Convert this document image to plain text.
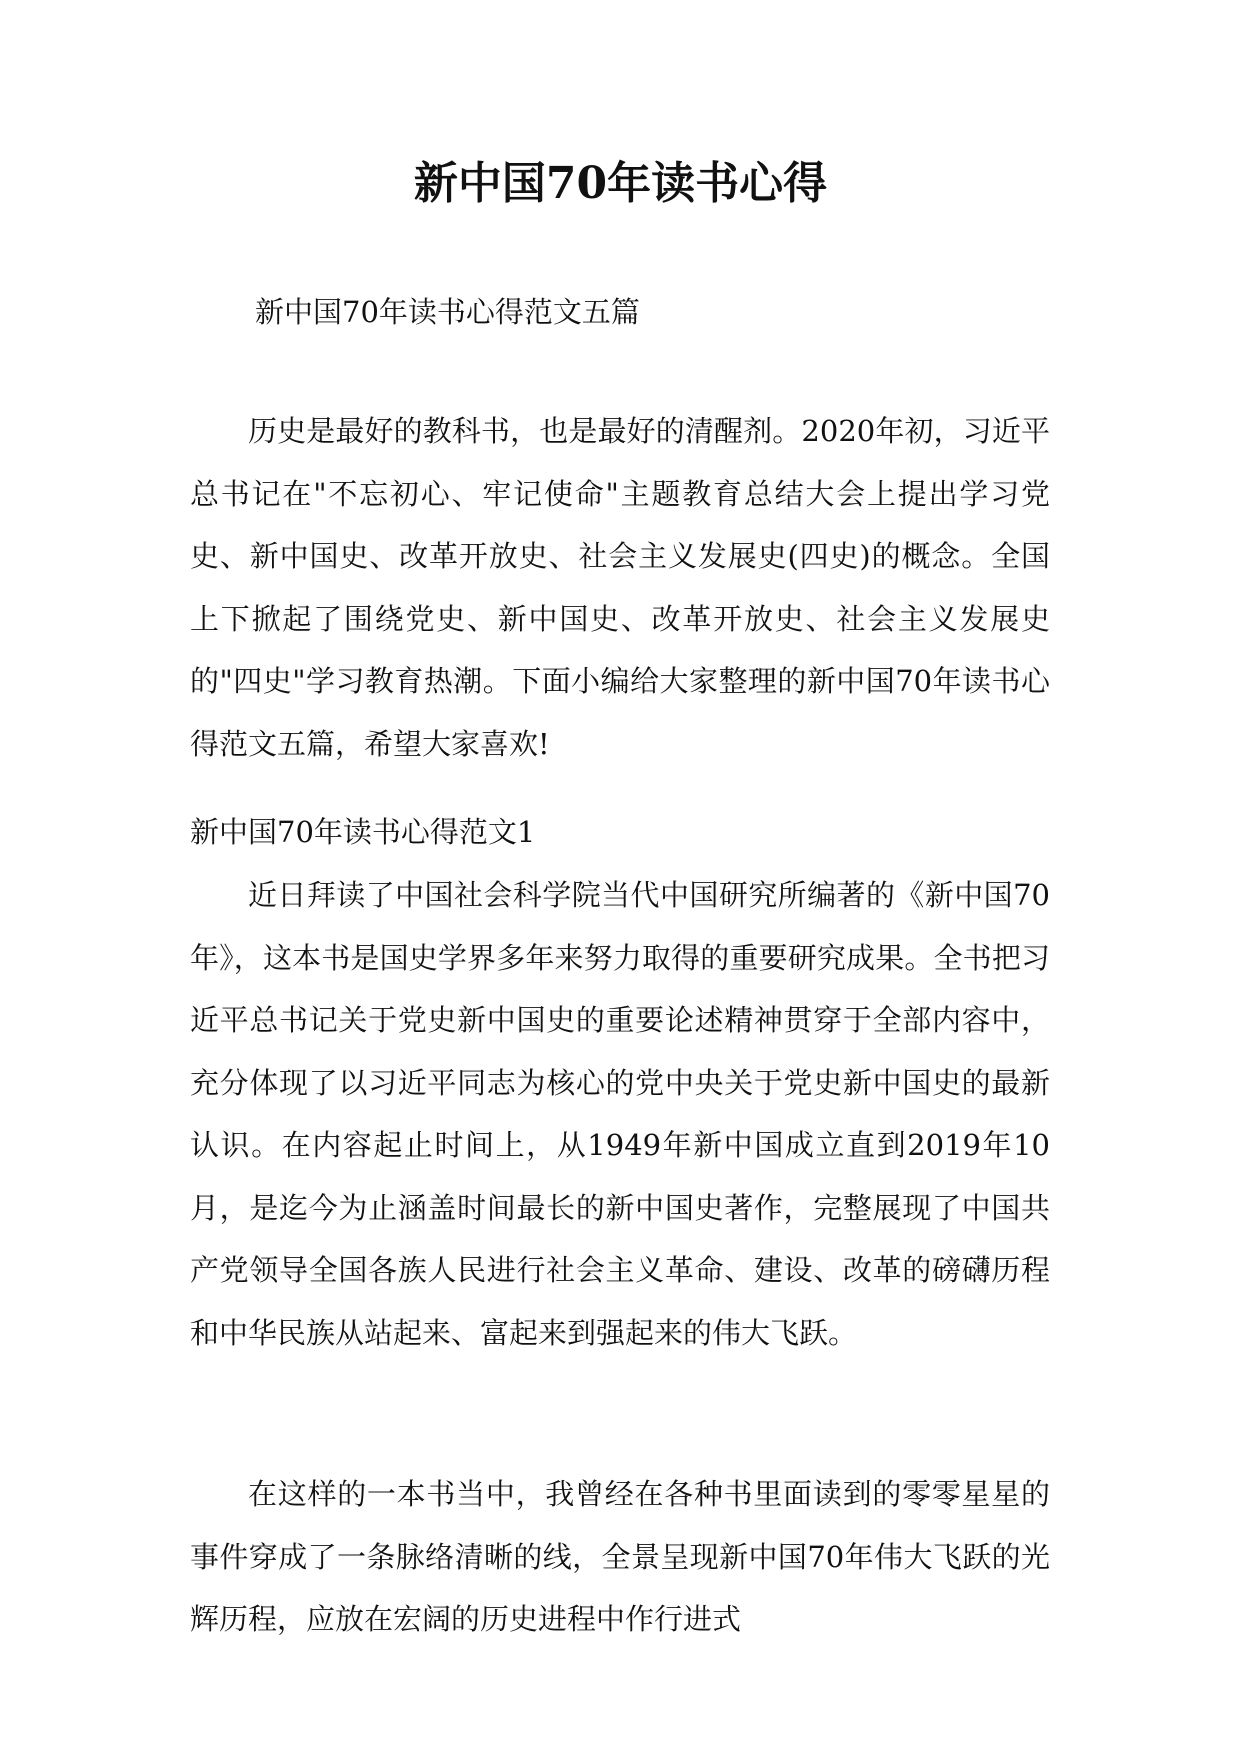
新中国70年读书心得

新中国70年读书心得范文五篇

历史是最好的教科书，也是最好的清醒剂。2020年初，习近平总书记在"不忘初心、牢记使命"主题教育总结大会上提出学习党史、新中国史、改革开放史、社会主义发展史(四史)的概念。全国上下掀起了围绕党史、新中国史、改革开放史、社会主义发展史的"四史"学习教育热潮。下面小编给大家整理的新中国70年读书心得范文五篇，希望大家喜欢!

新中国70年读书心得范文1

近日拜读了中国社会科学院当代中国研究所编著的《新中国70年》，这本书是国史学界多年来努力取得的重要研究成果。全书把习近平总书记关于党史新中国史的重要论述精神贯穿于全部内容中，充分体现了以习近平同志为核心的党中央关于党史新中国史的最新认识。在内容起止时间上，从1949年新中国成立直到2019年10月，是迄今为止涵盖时间最长的新中国史著作，完整展现了中国共产党领导全国各族人民进行社会主义革命、建设、改革的磅礴历程和中华民族从站起来、富起来到强起来的伟大飞跃。

在这样的一本书当中，我曾经在各种书里面读到的零零星星的事件穿成了一条脉络清晰的线，全景呈现新中国70年伟大飞跃的光辉历程，应放在宏阔的历史进程中作行进式
